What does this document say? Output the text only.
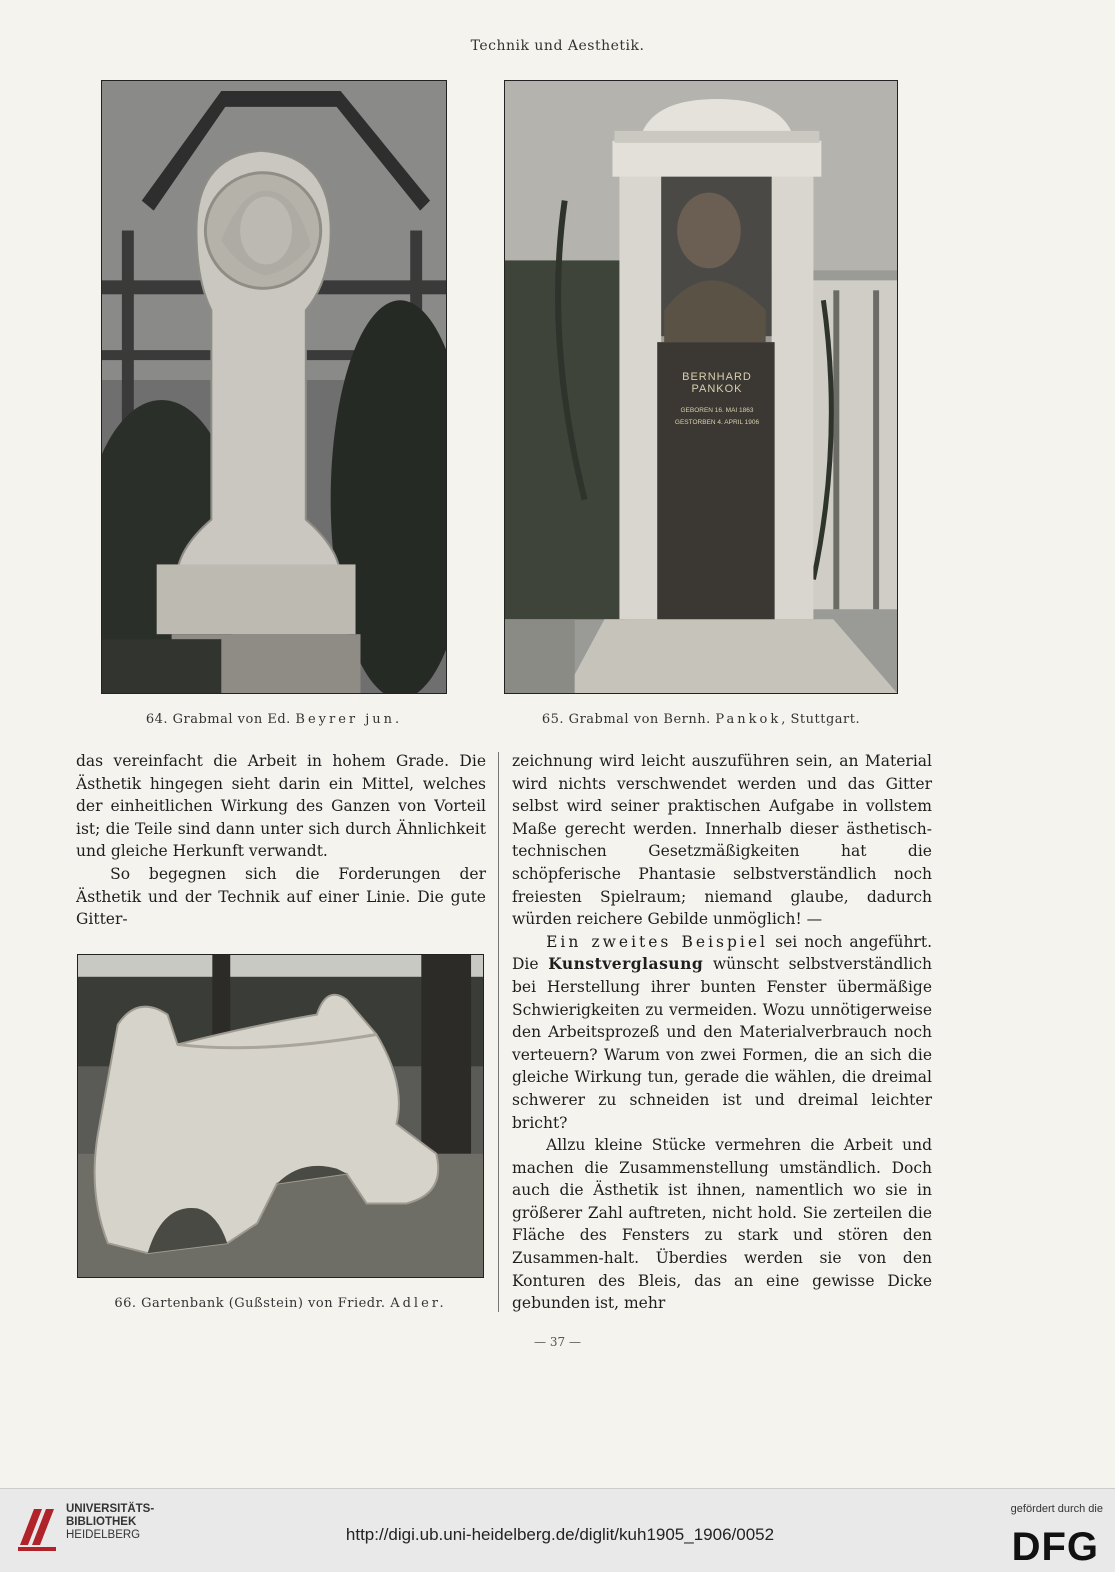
Technik und Aesthetik.
BERNHARD
PANKOK
GEBOREN 16. MAI 1863
GESTORBEN 4. APRIL 1906
64. Grabmal von Ed. Beyrer jun.	65. Grabmal von Bernh. Pankok, Stuttgart.

das vereinfacht die Arbeit in hohem Grade. Die Ästhetik hingegen sieht darin ein Mittel, welches der einheitlichen Wirkung des Ganzen von Vorteil ist; die Teile sind dann unter sich durch Ähnlichkeit und gleiche Herkunft verwandt.

So begegnen sich die Forderungen der Ästhetik und der Technik auf einer Linie. Die gute Gitter-

66. Gartenbank (Gußstein) von Friedr. Adler.

zeichnung wird leicht auszuführen sein, an Material wird nichts verschwendet werden und das Gitter selbst wird seiner praktischen Aufgabe in vollstem Maße gerecht werden. Innerhalb dieser ästhetisch-technischen Gesetzmäßigkeiten hat die schöpferische Phantasie selbstverständlich noch freiesten Spielraum; niemand glaube, dadurch würden reichere Gebilde unmöglich! —

Ein zweites Beispiel sei noch angeführt. Die Kunstverglasung wünscht selbstverständlich bei Herstellung ihrer bunten Fenster übermäßige Schwierigkeiten zu vermeiden. Wozu unnötigerweise den Arbeitsprozeß und den Materialverbrauch noch verteuern? Warum von zwei Formen, die an sich die gleiche Wirkung tun, gerade die wählen, die dreimal schwerer zu schneiden ist und dreimal leichter bricht?

Allzu kleine Stücke vermehren die Arbeit und machen die Zusammenstellung umständlich. Doch auch die Ästhetik ist ihnen, namentlich wo sie in größerer Zahl auftreten, nicht hold. Sie zerteilen die Fläche des Fensters zu stark und stören den Zusammen-halt. Überdies werden sie von den Konturen des Bleis, das an eine gewisse Dicke gebunden ist, mehr

— 37 —
UNIVERSITÄTS-
BIBLIOTHEK
HEIDELBERG	http://digi.ub.uni-heidelberg.de/diglit/kuh1905_1906/0052
gefördert durch die
DFG
